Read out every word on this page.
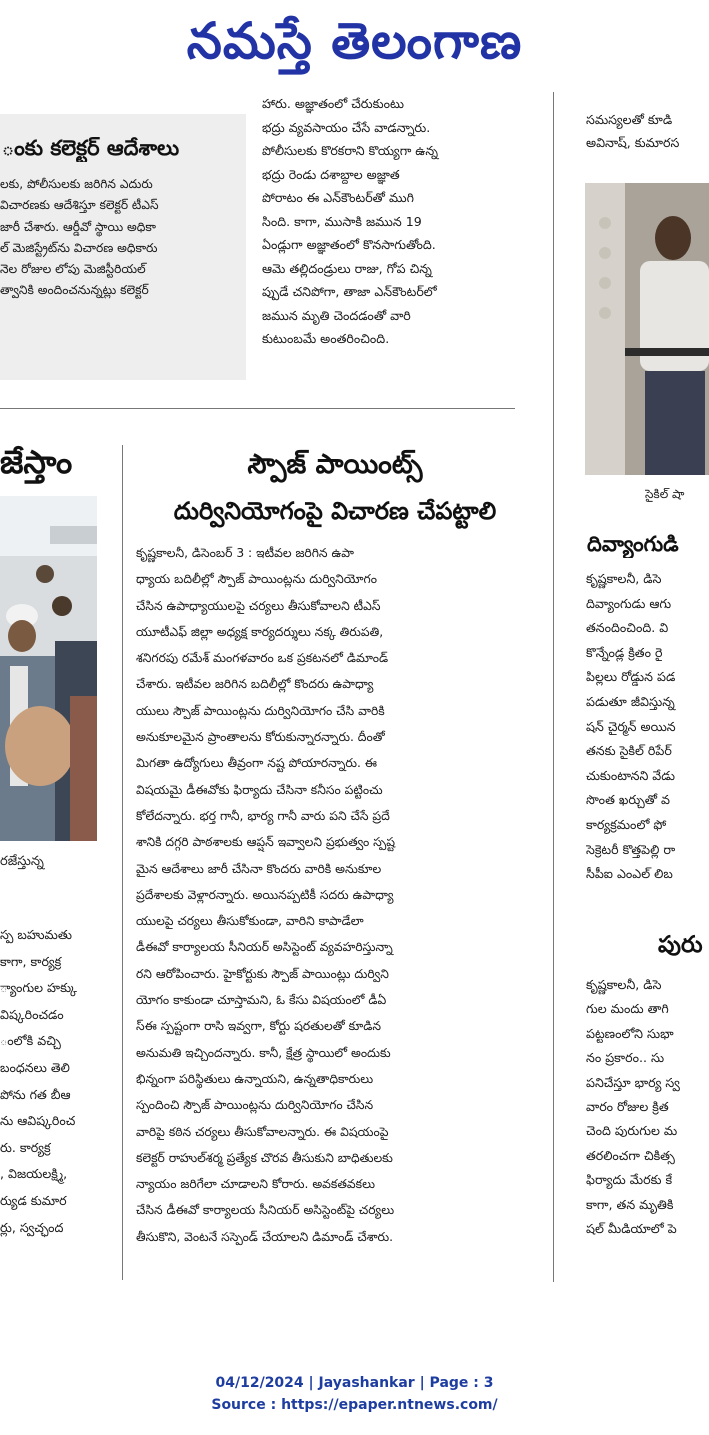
నమస్తే తెలంగాణ
ంకు కలెక్టర్ ఆదేశాలు
లకు, పోలీసులకు జరిగిన ఎదురు
విచారణకు ఆదేశిస్తూ కలెక్టర్ టీఎస్
జారీ చేశారు. ఆర్డీవో స్థాయి అధికా
ల్ మెజిస్ట్రేట్‌ను విచారణ అధికారు
నెల రోజుల లోపు మెజిస్టీరియల్
త్వానికి అందించనున్నట్లు కలెక్టర్
హారు. అజ్ఞాతంలో చేరుకుంటు
భద్రు వ్యవసాయం చేసే వాడన్నారు.
పోలీసులకు కొరకరాని కొయ్యగా ఉన్న
భద్రు రెండు దశాబ్దాల అజ్ఞాత
పోరాటం ఈ ఎన్‌కౌంటర్‌తో ముగి
సింది. కాగా, ముసాకి జమున 19
ఏండ్లుగా అజ్ఞాతంలో కొనసాగుతోంది.
ఆమె తల్లిదండ్రులు రాజు, గోప చిన్న
ప్పుడే చనిపోగా, తాజా ఎన్‌కౌంటర్‌లో
జమున మృతి చెందడంతో వారి
కుటుంబమే అంతరించింది.
సమస్యలతో కూడి
అవినాష్, కుమారస
సైకిల్ షా
దివ్యాంగుడి
కృష్ణకాలనీ, డిసె
దివ్యాంగుడు ఆగు
తనందించింది. వి
కొన్నేండ్ల క్రితం రై
పిల్లలు రోడ్డున పడ
పడుతూ జీవిస్తున్న
షన్ చైర్మన్ అయిన
తనకు సైకిల్ రిపేర్
చుకుంటానని వేడు
సొంత ఖర్చుతో వ
కార్యక్రమంలో ఫో
సెక్రెటరీ కొత్తపెల్లి రా
సీపీఐ ఎంఎల్ లిబ
పురు
కృష్ణకాలనీ, డిసె
గుల మందు తాగి
పట్టణంలోని సుభా
నం ప్రకారం.. సు
పనిచేస్తూ భార్య స్వ
వారం రోజుల క్రిత
చెంది పురుగుల మ
తరలించగా చికిత్స
ఫిర్యాదు మేరకు కే
కాగా, తన మృతికి
షల్ మీడియాలో పె
జేస్తాం
రజేస్తున్న
స్ప బహుమతు
కాగా, కార్యక్ర
్యాంగుల హక్కు
విష్కరించడం
ంలోకి వచ్చి
బంధనలు తెలి
పోను గత బీఆ
ను ఆవిష్కరించ
రు. కార్యక్ర
, విజయలక్ష్మి,
ర్యుడ కుమార
ర్లు, స్వచ్ఛంద
స్పౌజ్ పాయింట్స్
దుర్వినియోగంపై విచారణ చేపట్టాలి
కృష్ణకాలనీ, డిసెంబర్ 3 : ఇటీవల జరిగిన ఉపా
ధ్యాయ బదిలీల్లో స్పౌజ్ పాయింట్లను దుర్వినియోగం
చేసిన ఉపాధ్యాయులపై చర్యలు తీసుకోవాలని టీఎస్
యూటీఎఫ్ జిల్లా అధ్యక్ష కార్యదర్శులు నక్క తిరుపతి,
శనిగరపు రమేశ్ మంగళవారం ఒక ప్రకటనలో డిమాండ్
చేశారు. ఇటీవల జరిగిన బదిలీల్లో కొందరు ఉపాధ్యా
యులు స్పౌజ్ పాయింట్లను దుర్వినియోగం చేసి వారికి
అనుకూలమైన ప్రాంతాలను కోరుకున్నారన్నారు. దీంతో
మిగతా ఉద్యోగులు తీవ్రంగా నష్ట పోయారన్నారు. ఈ
విషయమై డీఈవోకు ఫిర్యాదు చేసినా కనీసం పట్టించు
కోలేదన్నారు. భర్త గానీ, భార్య గానీ వారు పని చేసే ప్రదే
శానికి దగ్గరి పాఠశాలకు ఆప్షన్ ఇవ్వాలని ప్రభుత్వం స్పష్ట
మైన ఆదేశాలు జారీ చేసినా కొందరు వారికి అనుకూల
ప్రదేశాలకు వెళ్లారన్నారు. అయినప్పటికీ సదరు ఉపాధ్యా
యులపై చర్యలు తీసుకోకుండా, వారిని కాపాడేలా
డీఈవో కార్యాలయ సీనియర్ అసిస్టెంట్ వ్యవహరిస్తున్నా
రని ఆరోపించారు. హైకోర్టుకు స్పౌజ్ పాయింట్లు దుర్విని
యోగం కాకుండా చూస్తామని, ఓ కేసు విషయంలో డీఏ
స్ఈ స్పష్టంగా రాసి ఇవ్వగా, కోర్టు షరతులతో కూడిన
అనుమతి ఇచ్చిందన్నారు. కానీ, క్షేత్ర స్థాయిలో అందుకు
భిన్నంగా పరిస్థితులు ఉన్నాయని, ఉన్నతాధికారులు
స్పందించి స్పౌజ్ పాయింట్లను దుర్వినియోగం చేసిన
వారిపై కఠిన చర్యలు తీసుకోవాలన్నారు. ఈ విషయంపై
కలెక్టర్ రాహుల్‌శర్మ ప్రత్యేక చొరవ తీసుకుని బాధితులకు
న్యాయం జరిగేలా చూడాలని కోరారు. అవకతవకలు
చేసిన డీఈవో కార్యాలయ సీనియర్ అసిస్టెంట్‌పై చర్యలు
తీసుకొని, వెంటనే సస్పెండ్ చేయాలని డిమాండ్ చేశారు.
04/12/2024 | Jayashankar | Page : 3
Source : https://epaper.ntnews.com/
